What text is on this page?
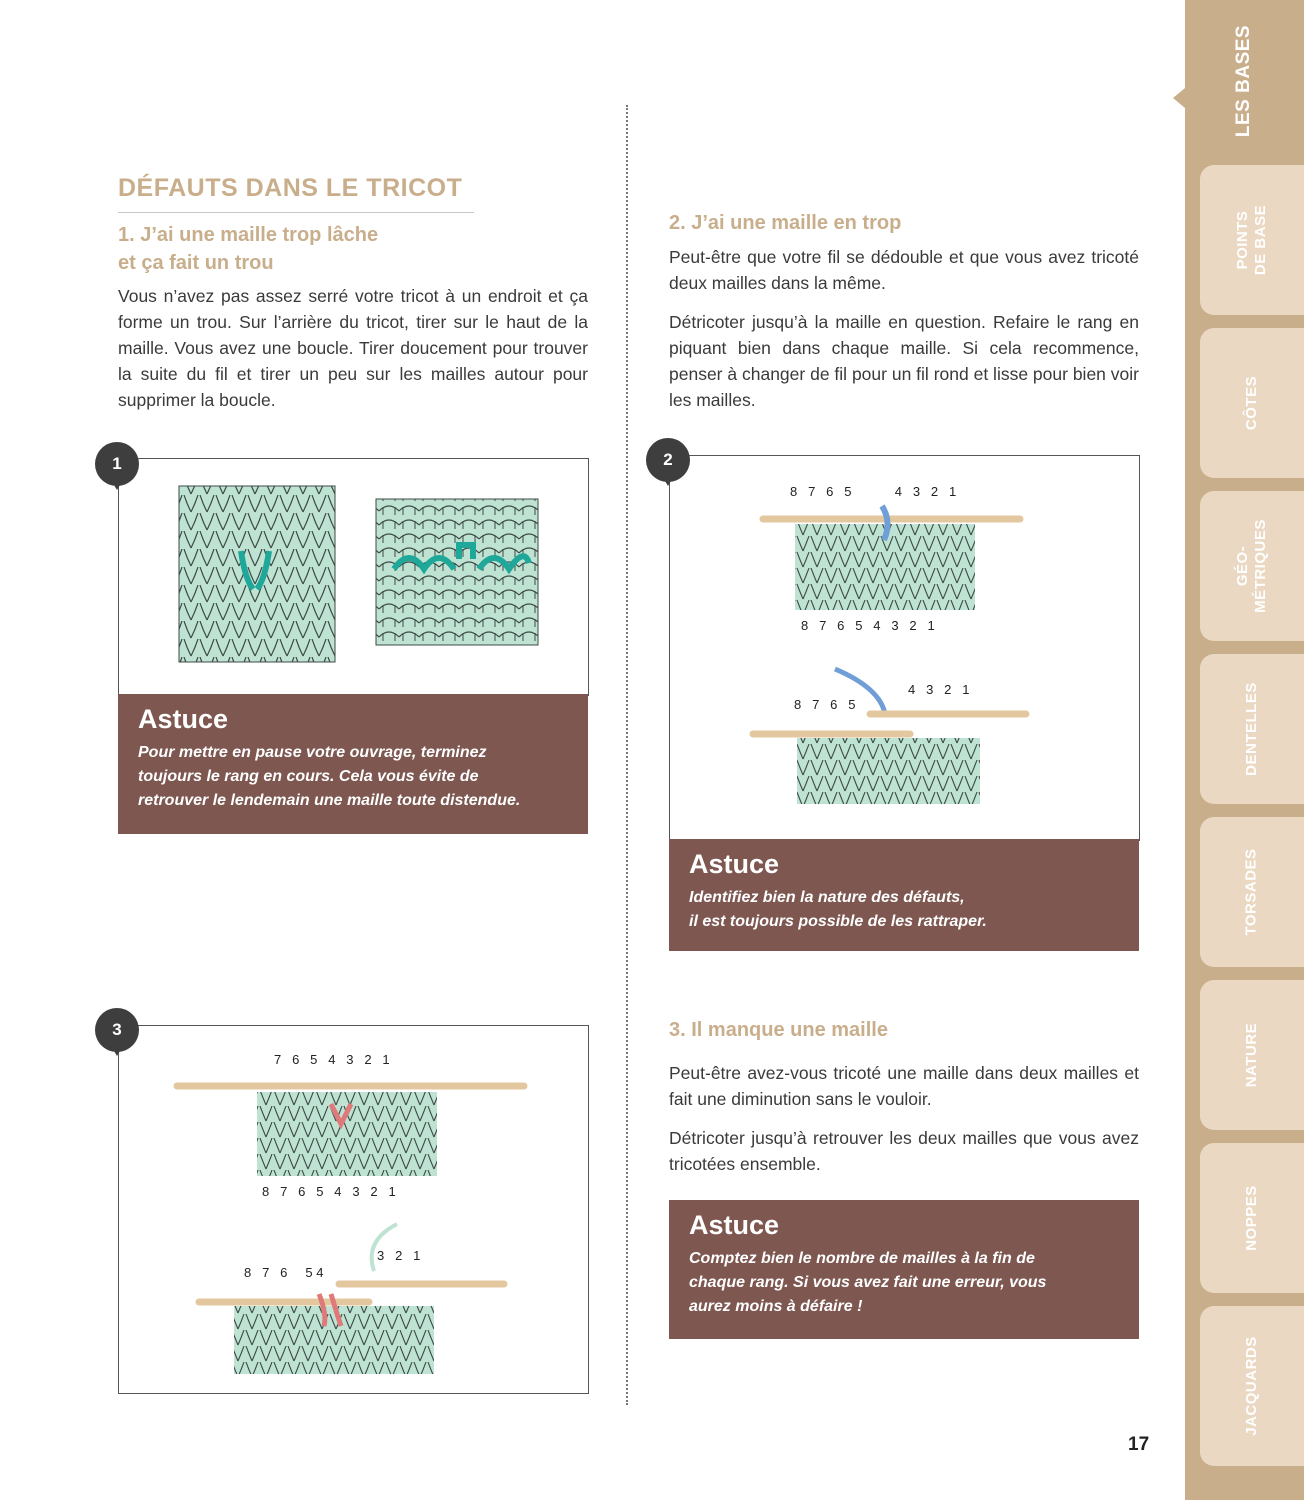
DÉFAUTS DANS LE TRICOT
1. J’ai une maille trop lâche
et ça fait un trou
Vous n’avez pas assez serré votre tricot à un endroit et ça forme un trou. Sur l’arrière du tricot, tirer sur le haut de la maille. Vous avez une boucle. Tirer doucement pour trouver la suite du fil et tirer un peu sur les mailles autour pour supprimer la boucle.
2. J’ai une maille en trop
Peut-être que votre fil se dédouble et que vous avez tricoté deux mailles dans la même.
Détricoter jusqu’à la maille en question. Refaire le rang en piquant bien dans chaque maille. Si cela recommence, penser à changer de fil pour un fil rond et lisse pour bien voir les mailles.
3. Il manque une maille
Peut-être avez-vous tricoté une maille dans deux mailles et fait une diminution sans le vouloir.
Détricoter jusqu’à retrouver les deux mailles que vous avez tricotées ensemble.
1
Astuce
Pour mettre en pause votre ouvrage, terminez
toujours le rang en cours. Cela vous évite de
retrouver le lendemain une maille toute distendue.
8   7   6   5            4   3   2   1
8   7   6   5   4   3   2   1
8   7   6   5
4   3   2   1
2
Astuce
Identifiez bien la nature des défauts,
il est toujours possible de les rattraper.
7   6   5   4   3   2   1
8   7   6   5   4   3   2   1
8   7   6     5 4
3   2   1
3
Astuce
Comptez bien le nombre de mailles à la fin de
chaque rang. Si vous avez fait une erreur, vous
aurez moins à défaire !
17
LES BASES
POINTS
DE BASE
CÔTES
GÉO-
MÉTRIQUES
DENTELLES
TORSADES
NATURE
NOPPES
JACQUARDS
